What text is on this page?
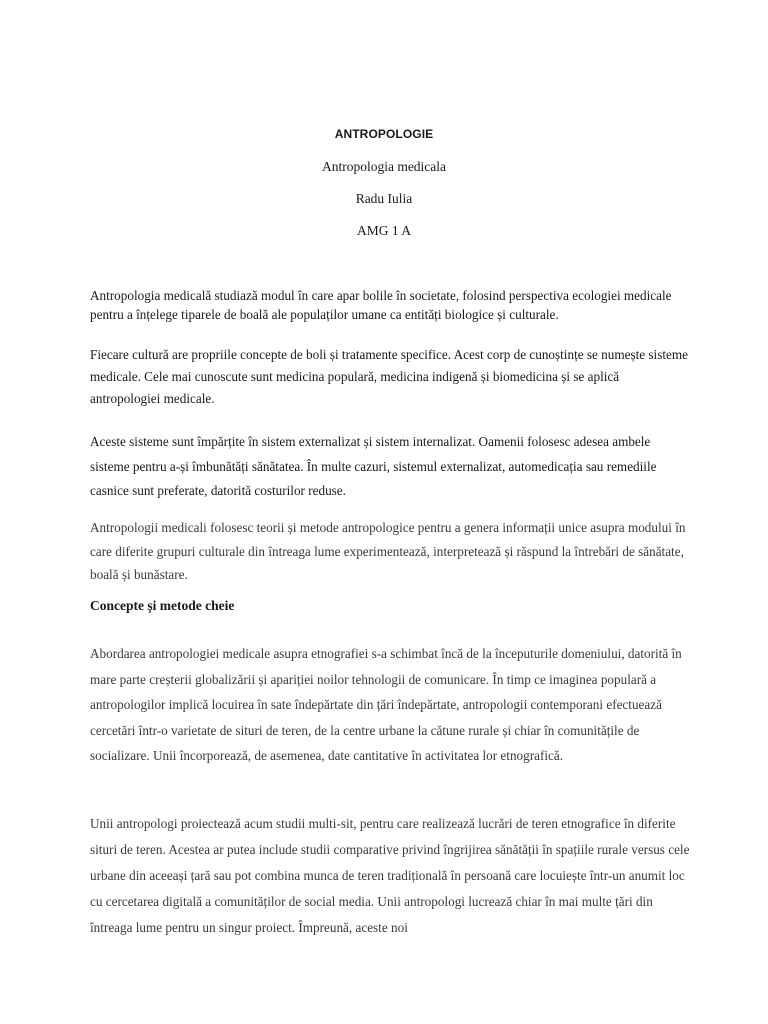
ANTROPOLOGIE
Antropologia medicala
Radu Iulia
AMG 1 A

Antropologia medicală studiază modul în care apar bolile în societate, folosind perspectiva ecologiei medicale pentru a înțelege tiparele de boală ale populaților umane ca entități biologice și culturale.

Fiecare cultură are propriile concepte de boli și tratamente specifice. Acest corp de cunoștințe se numește sisteme medicale. Cele mai cunoscute sunt medicina populară, medicina indigenă și biomedicina și se aplică antropologiei medicale.

Aceste sisteme sunt împărțite în sistem externalizat și sistem internalizat. Oamenii folosesc adesea ambele sisteme pentru a-și îmbunătăți sănătatea. În multe cazuri, sistemul externalizat, automedicația sau remediile casnice sunt preferate, datorită costurilor reduse.

Antropologii medicali folosesc teorii și metode antropologice pentru a genera informații unice asupra modului în care diferite grupuri culturale din întreaga lume experimentează, interpretează și răspund la întrebări de sănătate, boală și bunăstare.

Concepte și metode cheie

Abordarea antropologiei medicale asupra etnografiei s-a schimbat încă de la începuturile domeniului, datorită în mare parte creșterii globalizării și apariției noilor tehnologii de comunicare. În timp ce imaginea populară a antropologilor implică locuirea în sate îndepărtate din țări îndepărtate, antropologii contemporani efectuează cercetări într-o varietate de situri de teren, de la centre urbane la cătune rurale și chiar în comunitățile de socializare. Unii încorporează, de asemenea, date cantitative în activitatea lor etnografică.

Unii antropologi proiectează acum studii multi-sit, pentru care realizează lucrări de teren etnografice în diferite situri de teren. Acestea ar putea include studii comparative privind îngrijirea sănătății în spațiile rurale versus cele urbane din aceeași țară sau pot combina munca de teren tradițională în persoană care locuiește într-un anumit loc cu cercetarea digitală a comunităților de social media. Unii antropologi lucrează chiar în mai multe țări din întreaga lume pentru un singur proiect. Împreună, aceste noi
